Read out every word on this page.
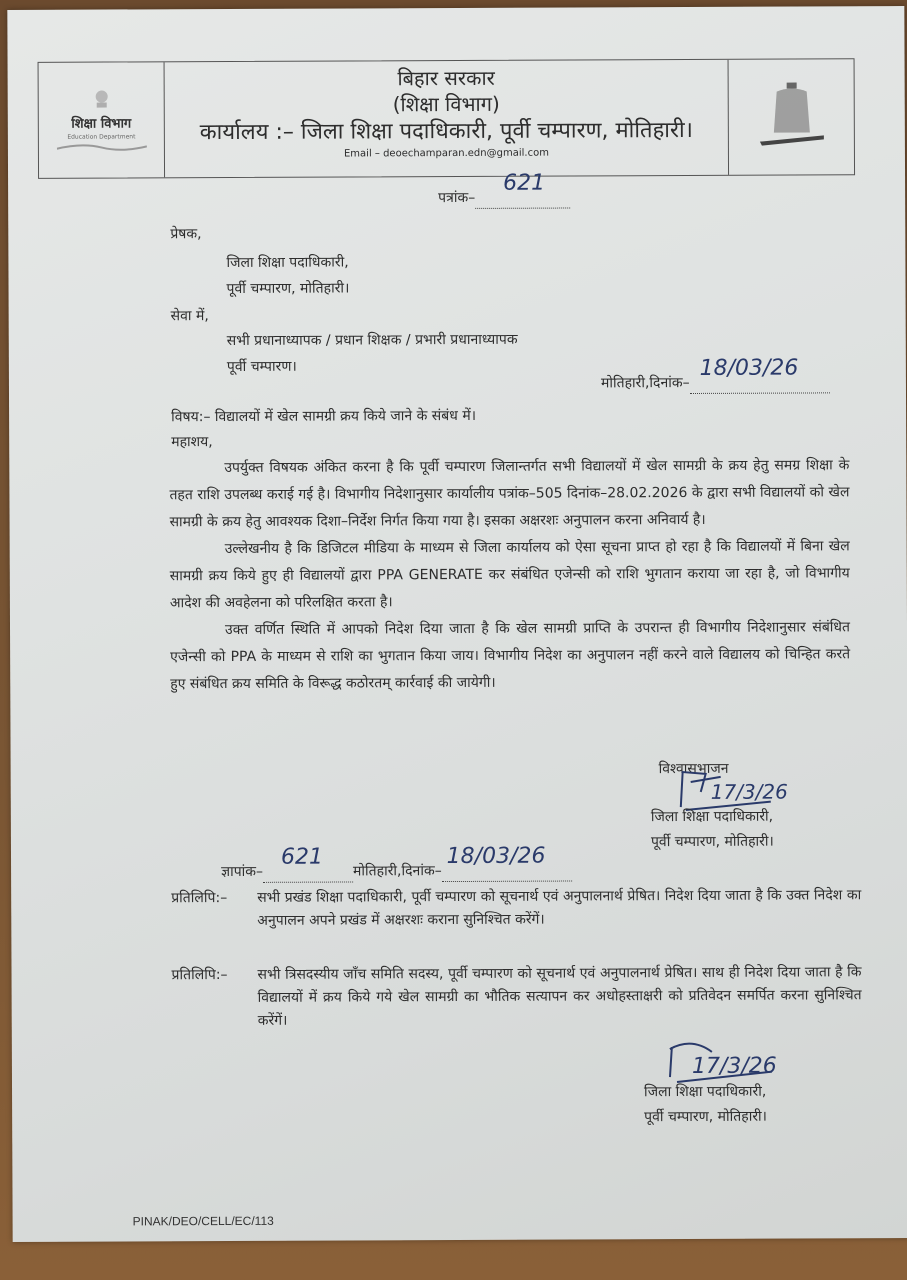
शिक्षा विभाग
Education Department
बिहार सरकार
(शिक्षा विभाग)
कार्यालय :– जिला शिक्षा पदाधिकारी, पूर्वी चम्पारण, मोतिहारी।
Email – deoechamparan.edn@gmail.com
पत्रांक–
621

प्रेषक,
जिला शिक्षा पदाधिकारी,
पूर्वी चम्पारण, मोतिहारी।
सेवा में,
सभी प्रधानाध्यापक / प्रधान शिक्षक / प्रभारी प्रधानाध्यापक
पूर्वी चम्पारण।
मोतिहारी,दिनांक–
18/03/26

विषय:– विद्यालयों में खेल सामग्री क्रय किये जाने के संबंध में।
महाशय,

उपर्युक्त विषयक अंकित करना है कि पूर्वी चम्पारण जिलान्तर्गत सभी विद्यालयों में खेल सामग्री के क्रय हेतु समग्र शिक्षा के तहत राशि उपलब्ध कराई गई है। विभागीय निदेशानुसार कार्यालीय पत्रांक–505 दिनांक–28.02.2026 के द्वारा सभी विद्यालयों को खेल सामग्री के क्रय हेतु आवश्यक दिशा–निर्देश निर्गत किया गया है। इसका अक्षरशः अनुपालन करना अनिवार्य है।

उल्लेखनीय है कि डिजिटल मीडिया के माध्यम से जिला कार्यालय को ऐसा सूचना प्राप्त हो रहा है कि विद्यालयों में बिना खेल सामग्री क्रय किये हुए ही विद्यालयों द्वारा PPA GENERATE कर संबंधित एजेन्सी को राशि भुगतान कराया जा रहा है, जो विभागीय आदेश की अवहेलना को परिलक्षित करता है।

उक्त वर्णित स्थिति में आपको निदेश दिया जाता है कि खेल सामग्री प्राप्ति के उपरान्त ही विभागीय निदेशानुसार संबंधित एजेन्सी को PPA के माध्यम से राशि का भुगतान किया जाय। विभागीय निदेश का अनुपालन नहीं करने वाले विद्यालय को चिन्हित करते हुए संबंधित क्रय समिति के विरूद्ध कठोरतम् कार्रवाई की जायेगी।

विश्वासभाजन
17/3/26
जिला शिक्षा पदाधिकारी,
पूर्वी चम्पारण, मोतिहारी।
ज्ञापांक–
621
मोतिहारी,दिनांक–
18/03/26

प्रतिलिपि:–	सभी प्रखंड शिक्षा पदाधिकारी, पूर्वी चम्पारण को सूचनार्थ एवं अनुपालनार्थ प्रेषित। निदेश दिया जाता है कि उक्त निदेश का अनुपालन अपने प्रखंड में अक्षरशः कराना सुनिश्चित करेंगें।
प्रतिलिपि:–	सभी त्रिसदस्यीय जाँच समिति सदस्य, पूर्वी चम्पारण को सूचनार्थ एवं अनुपालनार्थ प्रेषित। साथ ही निदेश दिया जाता है कि विद्यालयों में क्रय किये गये खेल सामग्री का भौतिक सत्यापन कर अधोहस्ताक्षरी को प्रतिवेदन समर्पित करना सुनिश्चित करेंगें।
17/3/26
जिला शिक्षा पदाधिकारी,
पूर्वी चम्पारण, मोतिहारी।
PINAK/DEO/CELL/EC/113
